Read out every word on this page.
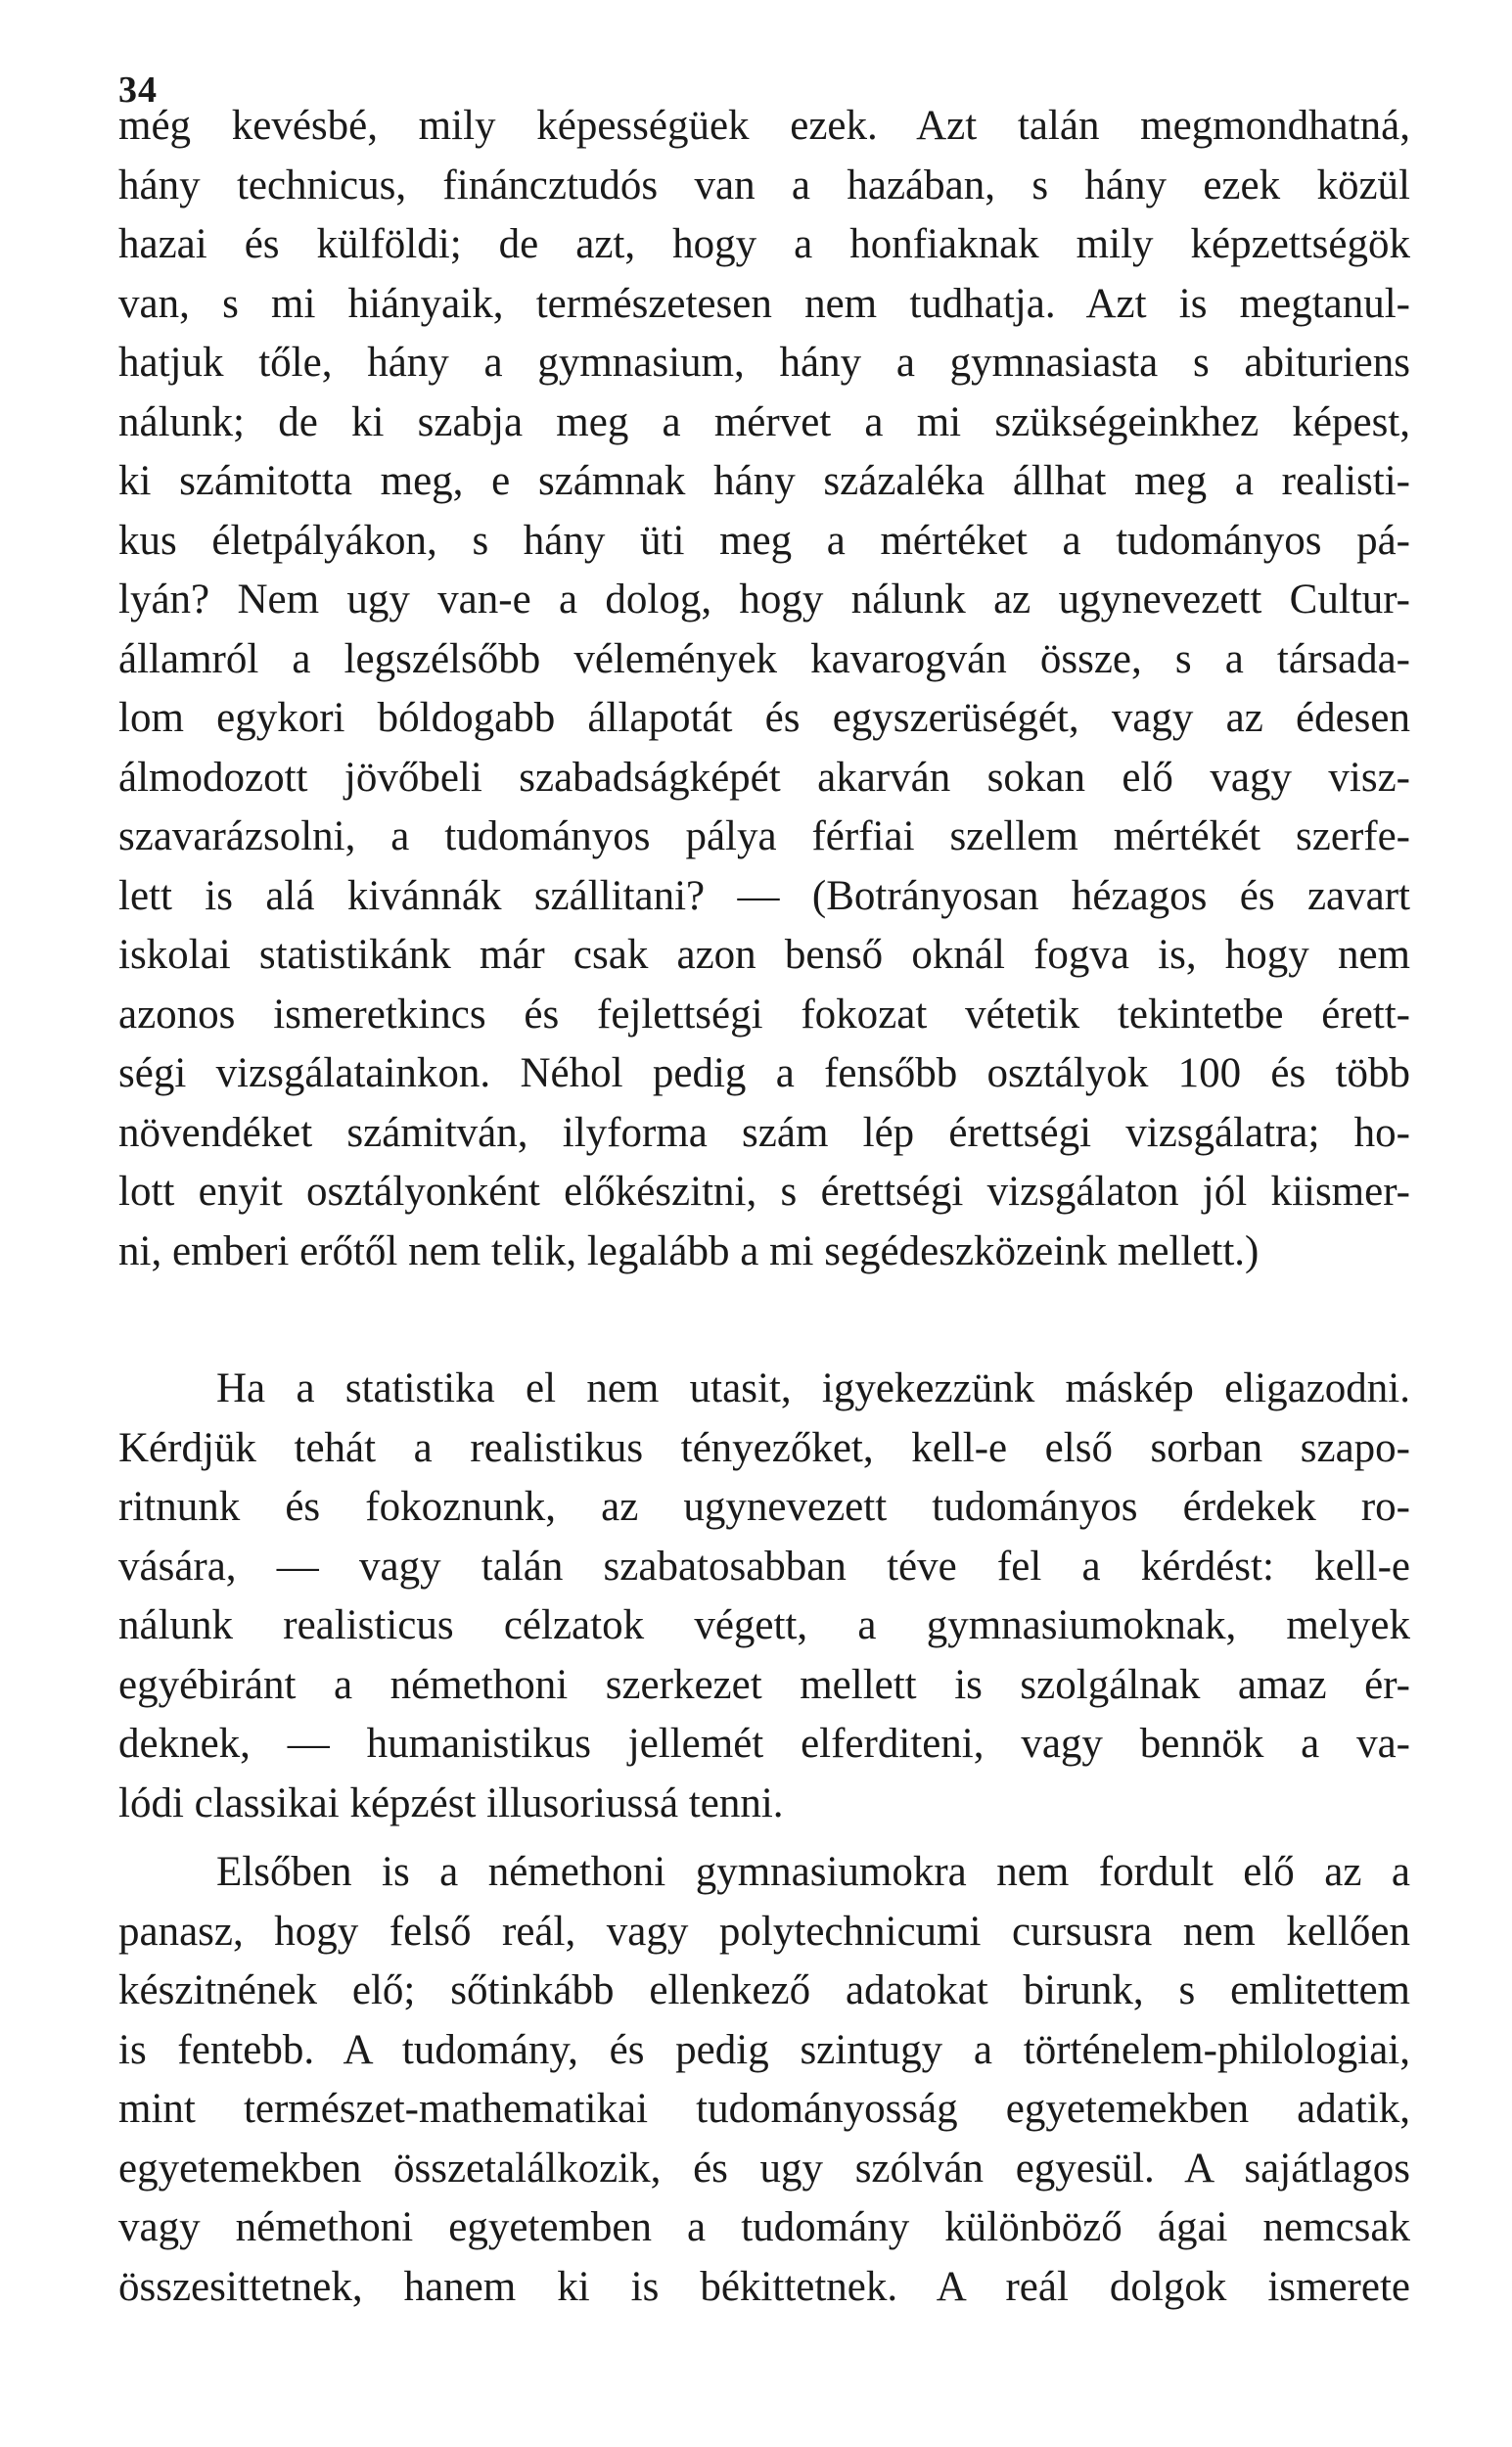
34
még kevésbé, mily képességüek ezek. Azt talán megmondhatná,
hány technicus, fináncztudós van a hazában, s hány ezek közül
hazai és külföldi; de azt, hogy a honfiaknak mily képzettségök
van, s mi hiányaik, természetesen nem tudhatja. Azt is megtanul-
hatjuk tőle, hány a gymnasium, hány a gymnasiasta s abituriens
nálunk; de ki szabja meg a mérvet a mi szükségeinkhez képest,
ki számitotta meg, e számnak hány százaléka állhat meg a realisti-
kus életpályákon, s hány üti meg a mértéket a tudományos pá-
lyán? Nem ugy van-e a dolog, hogy nálunk az ugynevezett Cultur-
államról a legszélsőbb vélemények kavarogván össze, s a társada-
lom egykori bóldogabb állapotát és egyszerüségét, vagy az édesen
álmodozott jövőbeli szabadságképét akarván sokan elő vagy visz-
szavarázsolni, a tudományos pálya férfiai szellem mértékét szerfe-
lett is alá kivánnák szállitani? — (Botrányosan hézagos és zavart
iskolai statistikánk már csak azon benső oknál fogva is, hogy nem
azonos ismeretkincs és fejlettségi fokozat vétetik tekintetbe érett-
ségi vizsgálatainkon. Néhol pedig a fensőbb osztályok 100 és több
növendéket számitván, ilyforma szám lép érettségi vizsgálatra; ho-
lott enyit osztályonként előkészitni, s érettségi vizsgálaton jól kiismer-
ni, emberi erőtől nem telik, legalább a mi segédeszközeink mellett.)
Ha a statistika el nem utasit, igyekezzünk máskép eligazodni.
Kérdjük tehát a realistikus tényezőket, kell-e első sorban szapo-
ritnunk és fokoznunk, az ugynevezett tudományos érdekek ro-
vására, — vagy talán szabatosabban téve fel a kérdést: kell-e
nálunk realisticus célzatok végett, a gymnasiumoknak, melyek
egyébiránt a némethoni szerkezet mellett is szolgálnak amaz ér-
deknek, — humanistikus jellemét elferditeni, vagy bennök a va-
lódi classikai képzést illusoriussá tenni.
Elsőben is a némethoni gymnasiumokra nem fordult elő az a
panasz, hogy felső reál, vagy polytechnicumi cursusra nem kellően
készitnének elő; sőtinkább ellenkező adatokat birunk, s emlitettem
is fentebb. A tudomány, és pedig szintugy a történelem-philologiai,
mint természet-mathematikai tudományosság egyetemekben adatik,
egyetemekben összetalálkozik, és ugy szólván egyesül. A sajátlagos
vagy némethoni egyetemben a tudomány különböző ágai nemcsak
összesittetnek, hanem ki is békittetnek. A reál dolgok ismerete
